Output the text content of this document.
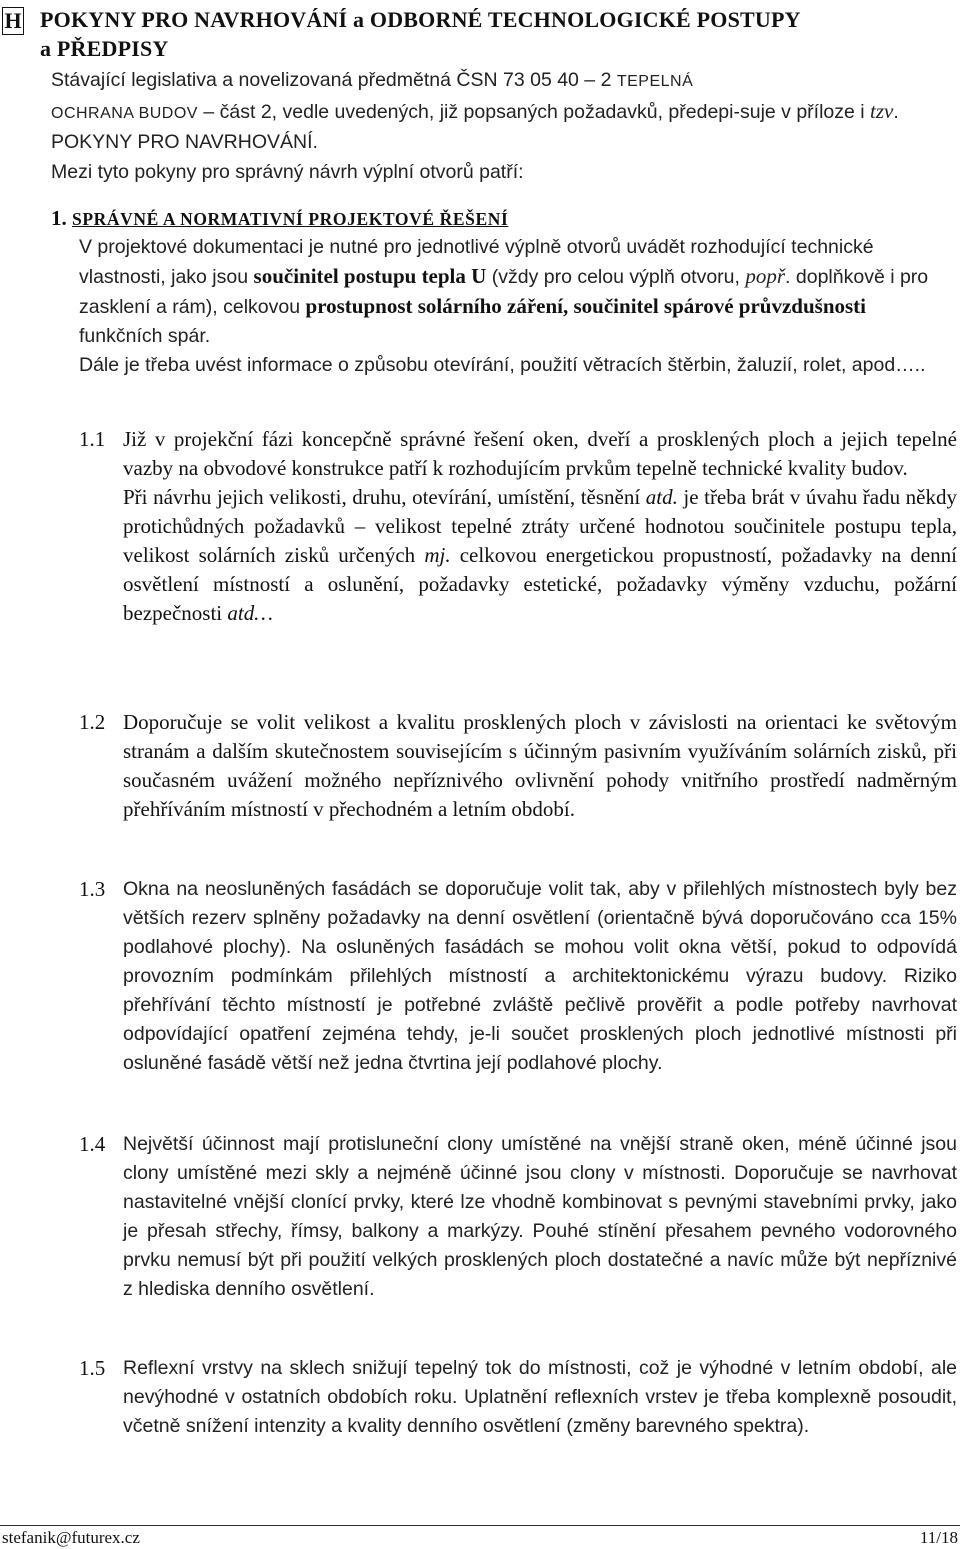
H POKYNY PRO NAVRHOVÁNÍ a ODBORNÉ TECHNOLOGICKÉ POSTUPY
a PŘEDPISY
Stávající legislativa a novelizovaná předmětná ČSN 73 05 40 – 2 TEPELNÁ
OCHRANA BUDOV – část 2, vedle uvedených, již popsaných požadavků, předepi-suje v příloze i tzv. POKYNY PRO NAVRHOVÁNÍ.
Mezi tyto pokyny pro správný návrh výplní otvorů patří:
1. SPRÁVNÉ A NORMATIVNÍ PROJEKTOVÉ ŘEŠENÍ

V projektové dokumentaci je nutné pro jednotlivé výplně otvorů uvádět rozhodující technické vlastnosti, jako jsou součinitel postupu tepla U (vždy pro celou výplň otvoru, popř. doplňkově i pro zasklení a rám), celkovou prostupnost solárního záření, součinitel spárové průvzdušnosti funkčních spár.

Dále je třeba uvést informace o způsobu otevírání, použití větracích štěrbin, žaluzií, rolet, apod…..

1.1 Již v projekční fázi koncepčně správné řešení oken, dveří a prosklených ploch a jejich tepelné vazby na obvodové konstrukce patří k rozhodujícím prvkům tepelně technické kvality budov.

Při návrhu jejich velikosti, druhu, otevírání, umístění, těsnění atd. je třeba brát v úvahu řadu někdy protichůdných požadavků – velikost tepelné ztráty určené hodnotou součinitele postupu tepla, velikost solárních zisků určených mj. celkovou energetickou propustností, požadavky na denní osvětlení místností a oslunění, požadavky estetické, požadavky výměny vzduchu, požární bezpečnosti atd…

1.2 Doporučuje se volit velikost a kvalitu prosklených ploch v závislosti na orientaci ke světovým stranám a dalším skutečnostem souvisejícím s účinným pasivním využíváním solárních zisků, při současném uvážení možného nepříznivého ovlivnění pohody vnitřního prostředí nadměrným přehříváním místností v přechodném a letním období.

1.3 Okna na neosluněných fasádách se doporučuje volit tak, aby v přilehlých místnostech byly bez větších rezerv splněny požadavky na denní osvětlení (orientačně bývá doporučováno cca 15% podlahové plochy). Na osluněných fasádách se mohou volit okna větší, pokud to odpovídá provozním podmínkám přilehlých místností a architektonickému výrazu budovy. Riziko přehřívání těchto místností je potřebné zvláště pečlivě prověřit a podle potřeby navrhovat odpovídající opatření zejména tehdy, je-li součet prosklených ploch jednotlivé místnosti při osluněné fasádě větší než jedna čtvrtina její podlahové plochy.

1.4 Největší účinnost mají protisluneční clony umístěné na vnější straně oken, méně účinné jsou clony umístěné mezi skly a nejméně účinné jsou clony v místnosti. Doporučuje se navrhovat nastavitelné vnější clonící prvky, které lze vhodně kombinovat s pevnými stavebními prvky, jako je přesah střechy, římsy, balkony a markýzy. Pouhé stínění přesahem pevného vodorovného prvku nemusí být při použití velkých prosklených ploch dostatečné a navíc může být nepříznivé z hlediska denního osvětlení.

1.5 Reflexní vrstvy na sklech snižují tepelný tok do místnosti, což je výhodné v letním období, ale nevýhodné v ostatních obdobích roku. Uplatnění reflexních vrstev je třeba komplexně posoudit, včetně snížení intenzity a kvality denního osvětlení (změny barevného spektra).

stefanik@futurex.cz	11/18
